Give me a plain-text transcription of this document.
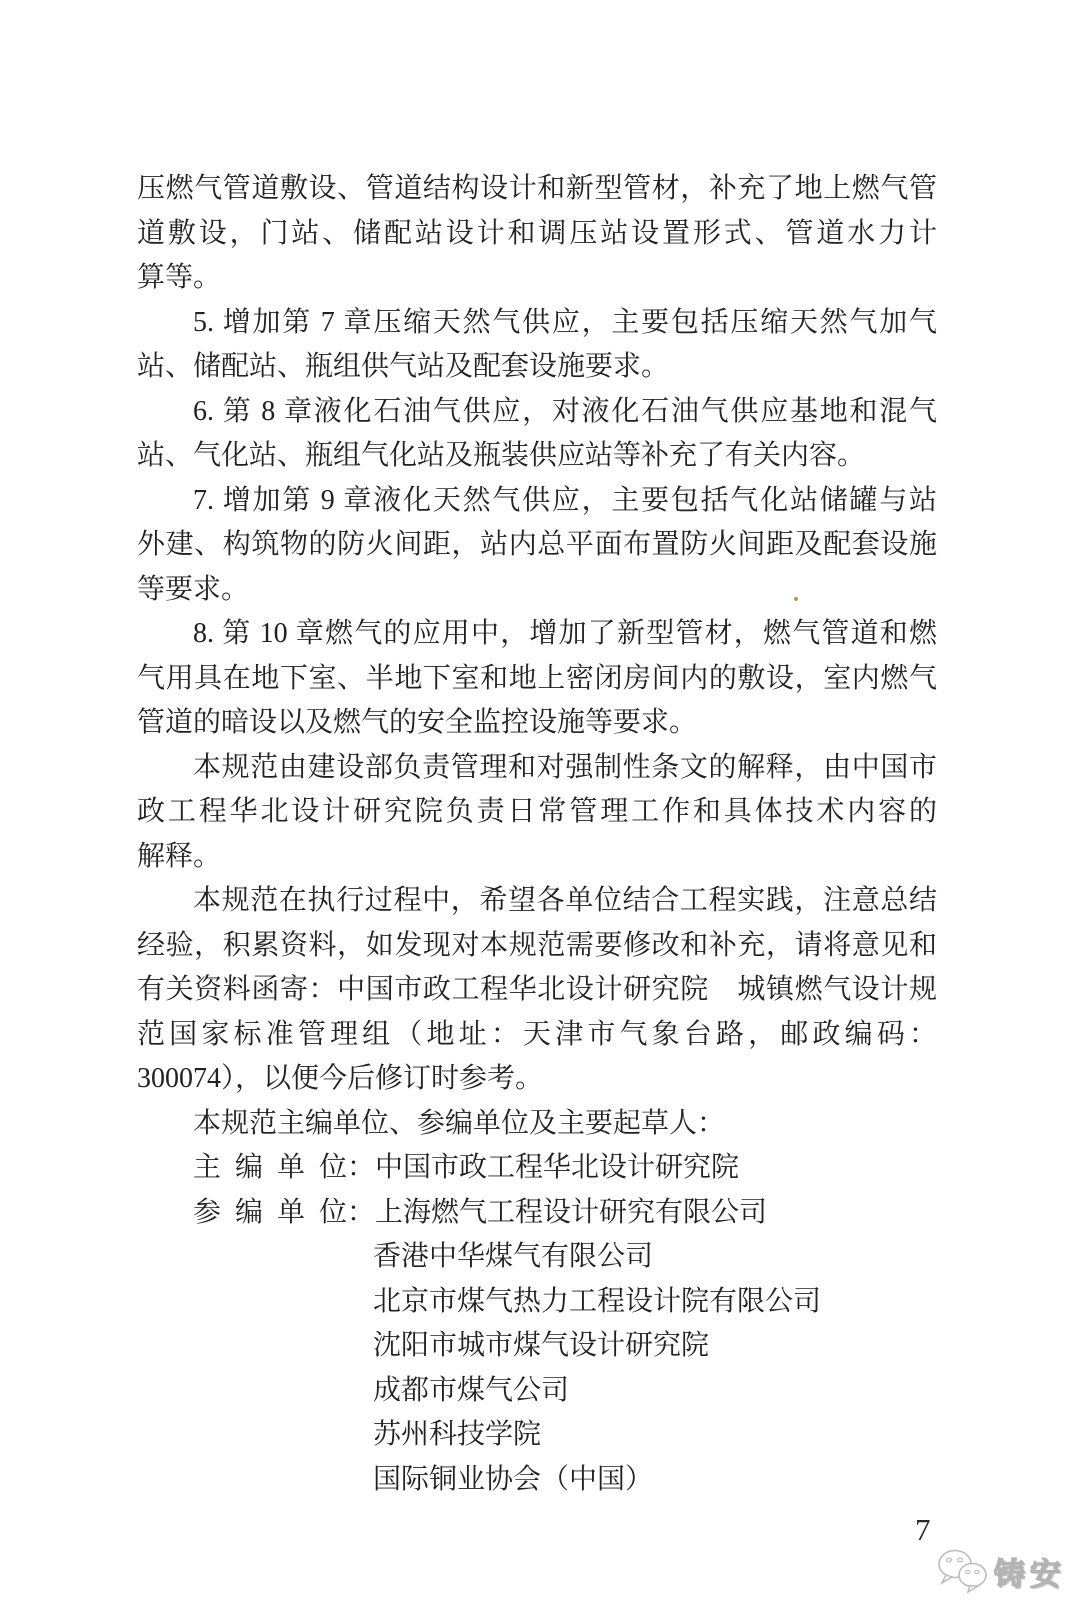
压燃气管道敷设、管道结构设计和新型管材，补充了地上燃气管
道敷设，门站、储配站设计和调压站设置形式、管道水力计
算等。
5. 增加第 7 章压缩天然气供应，主要包括压缩天然气加气
站、储配站、瓶组供气站及配套设施要求。
6. 第 8 章液化石油气供应，对液化石油气供应基地和混气
站、气化站、瓶组气化站及瓶装供应站等补充了有关内容。
7. 增加第 9 章液化天然气供应，主要包括气化站储罐与站
外建、构筑物的防火间距，站内总平面布置防火间距及配套设施
等要求。
8. 第 10 章燃气的应用中，增加了新型管材，燃气管道和燃
气用具在地下室、半地下室和地上密闭房间内的敷设，室内燃气
管道的暗设以及燃气的安全监控设施等要求。
本规范由建设部负责管理和对强制性条文的解释，由中国市
政工程华北设计研究院负责日常管理工作和具体技术内容的
解释。
本规范在执行过程中，希望各单位结合工程实践，注意总结
经验，积累资料，如发现对本规范需要修改和补充，请将意见和
有关资料函寄：中国市政工程华北设计研究院　城镇燃气设计规
范国家标准管理组（地址：天津市气象台路，邮政编码：
300074），以便今后修订时参考。
本规范主编单位、参编单位及主要起草人：
主 编 单 位：中国市政工程华北设计研究院
参 编 单 位：上海燃气工程设计研究有限公司
香港中华煤气有限公司
北京市煤气热力工程设计院有限公司
沈阳市城市煤气设计研究院
成都市煤气公司
苏州科技学院
国际铜业协会（中国）
7
铸安
